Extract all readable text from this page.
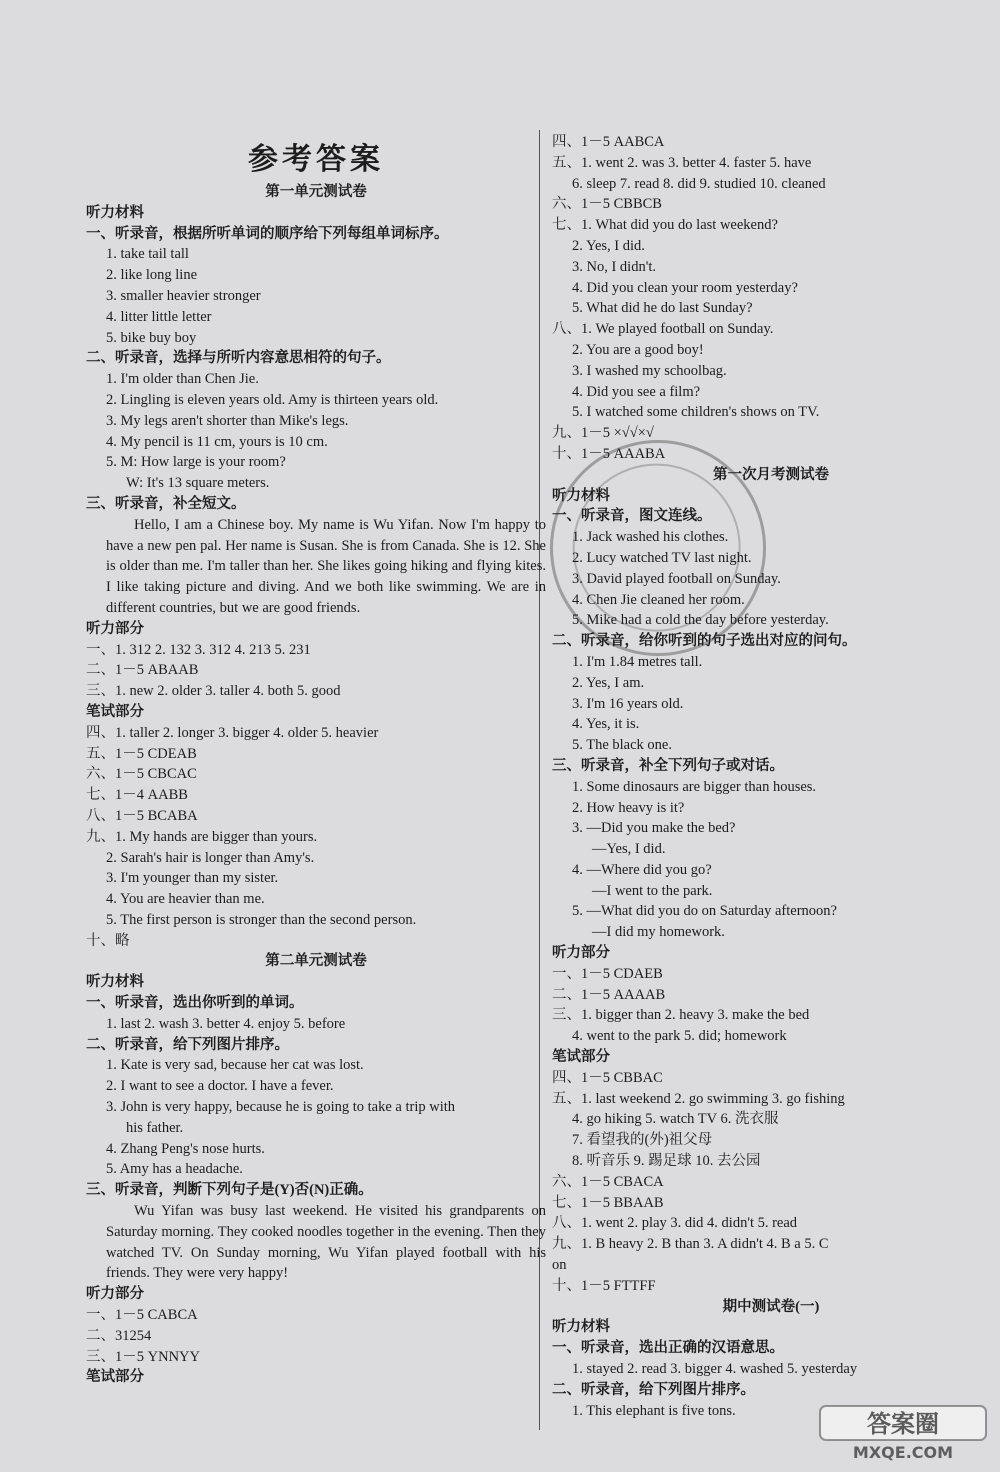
参考答案
第一单元测试卷
听力材料
一、听录音，根据所听单词的顺序给下列每组单词标序。
1. take tail tall
2. like long line
3. smaller heavier stronger
4. litter little letter
5. bike buy boy
二、听录音，选择与所听内容意思相符的句子。
1. I'm older than Chen Jie.
2. Lingling is eleven years old. Amy is thirteen years old.
3. My legs aren't shorter than Mike's legs.
4. My pencil is 11 cm, yours is 10 cm.
5. M: How large is your room?
W: It's 13 square meters.
三、听录音，补全短文。

Hello, I am a Chinese boy. My name is Wu Yifan. Now I'm happy to have a new pen pal. Her name is Susan. She is from Canada. She is 12. She is older than me. I'm taller than her. She likes going hiking and flying kites. I like taking picture and diving. And we both like swimming. We are in different countries, but we are good friends.

听力部分
一、1. 312 2. 132 3. 312 4. 213 5. 231
二、1－5 ABAAB
三、1. new 2. older 3. taller 4. both 5. good
笔试部分
四、1. taller 2. longer 3. bigger 4. older 5. heavier
五、1－5 CDEAB
六、1－5 CBCAC
七、1－4 AABB
八、1－5 BCABA
九、1. My hands are bigger than yours.
2. Sarah's hair is longer than Amy's.
3. I'm younger than my sister.
4. You are heavier than me.
5. The first person is stronger than the second person.
十、略
第二单元测试卷
听力材料
一、听录音，选出你听到的单词。
1. last 2. wash 3. better 4. enjoy 5. before
二、听录音，给下列图片排序。
1. Kate is very sad, because her cat was lost.
2. I want to see a doctor. I have a fever.
3. John is very happy, because he is going to take a trip with
his father.
4. Zhang Peng's nose hurts.
5. Amy has a headache.
三、听录音，判断下列句子是(Y)否(N)正确。

Wu Yifan was busy last weekend. He visited his grandparents on Saturday morning. They cooked noodles together in the evening. Then they watched TV. On Sunday morning, Wu Yifan played football with his friends. They were very happy!

听力部分
一、1－5 CABCA
二、31254
三、1－5 YNNYY
笔试部分
四、1－5 AABCA
五、1. went 2. was 3. better 4. faster 5. have
6. sleep 7. read 8. did 9. studied 10. cleaned
六、1－5 CBBCB
七、1. What did you do last weekend?
2. Yes, I did.
3. No, I didn't.
4. Did you clean your room yesterday?
5. What did he do last Sunday?
八、1. We played football on Sunday.
2. You are a good boy!
3. I washed my schoolbag.
4. Did you see a film?
5. I watched some children's shows on TV.
九、1－5 ×√√×√
十、1－5 AAABA
第一次月考测试卷
听力材料
一、听录音，图文连线。
1. Jack washed his clothes.
2. Lucy watched TV last night.
3. David played football on Sunday.
4. Chen Jie cleaned her room.
5. Mike had a cold the day before yesterday.
二、听录音，给你听到的句子选出对应的问句。
1. I'm 1.84 metres tall.
2. Yes, I am.
3. I'm 16 years old.
4. Yes, it is.
5. The black one.
三、听录音，补全下列句子或对话。
1. Some dinosaurs are bigger than houses.
2. How heavy is it?
3. —Did you make the bed?
—Yes, I did.
4. —Where did you go?
—I went to the park.
5. —What did you do on Saturday afternoon?
—I did my homework.
听力部分
一、1－5 CDAEB
二、1－5 AAAAB
三、1. bigger than 2. heavy 3. make the bed
4. went to the park 5. did; homework
笔试部分
四、1－5 CBBAC
五、1. last weekend 2. go swimming 3. go fishing
4. go hiking 5. watch TV 6. 洗衣服
7. 看望我的(外)祖父母
8. 听音乐 9. 踢足球 10. 去公园
六、1－5 CBACA
七、1－5 BBAAB
八、1. went 2. play 3. did 4. didn't 5. read
九、1. B heavy 2. B than 3. A didn't 4. B a 5. C
on
十、1－5 FTTFF
期中测试卷(一)
听力材料
一、听录音，选出正确的汉语意思。
1. stayed 2. read 3. bigger 4. washed 5. yesterday
二、听录音，给下列图片排序。
1. This elephant is five tons.	答案圈
MXQE.COM
